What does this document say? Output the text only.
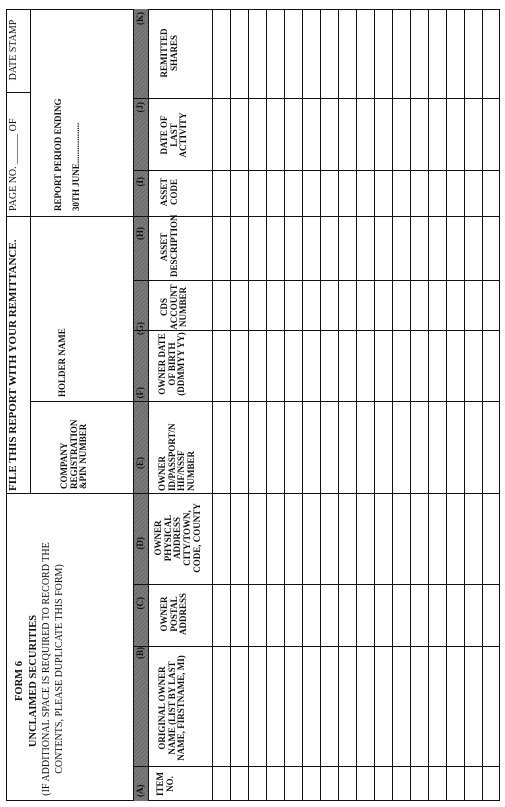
FORM 6 UNCLAIMED SECURITIES (IF ADDITIONAL SPACE IS REQUIRED TO RECORD THE CONTENTS, PLEASE DUPLICATE THIS FORM)
FILE THIS REPORT WITH YOUR REMITTANCE.
PAGE NO. ______ OF
DATE STAMP
COMPANY REGISTRATION &PIN NUMBER
HOLDER NAME
REPORT PERIOD ENDING 30TH JUNE..................
(A)
(B)
(C)
(D)
(E)
(F)
(G)
(H)
(I)
(J)
(K)
ITEM NO.
ORIGINAL OWNER NAME (LIST BY LAST NAME, FIRSTNAME, MI)
OWNER POSTAL ADDRESS
OWNER PHYSICAL ADDRESS CITY/TOWN, CODE, COUNTY
OWNER ID/PASSPORT/N HIF/NSSF NUMBER
OWNER DATE OF BIRTH (DDMMYY YY)
CDS ACCOUNT NUMBER
ASSET DESCRIPTION
ASSET CODE
DATE OF LAST ACTIVITY
REMITTED SHARES
